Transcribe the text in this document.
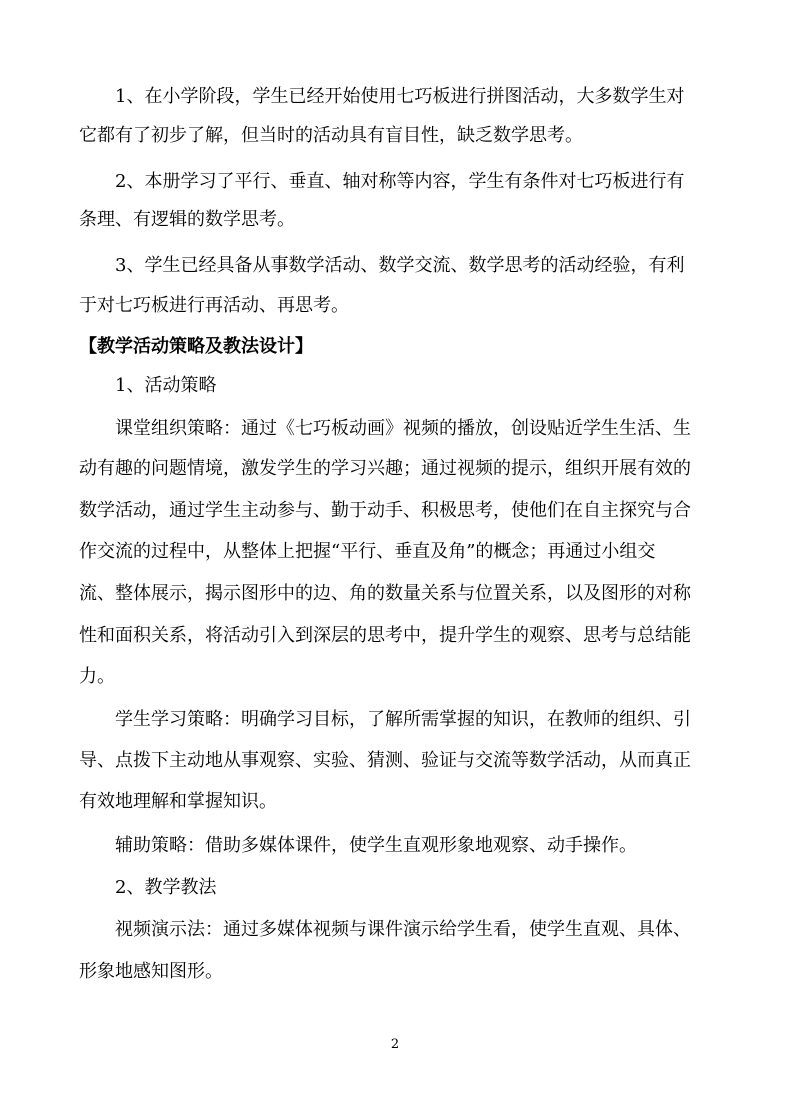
1、在小学阶段，学生已经开始使用七巧板进行拼图活动，大多数学生对
它都有了初步了解，但当时的活动具有盲目性，缺乏数学思考。
2、本册学习了平行、垂直、轴对称等内容，学生有条件对七巧板进行有
条理、有逻辑的数学思考。
3、学生已经具备从事数学活动、数学交流、数学思考的活动经验，有利
于对七巧板进行再活动、再思考。
【教学活动策略及教法设计】
1、活动策略
课堂组织策略：通过《七巧板动画》视频的播放，创设贴近学生生活、生
动有趣的问题情境，激发学生的学习兴趣；通过视频的提示，组织开展有效的
数学活动，通过学生主动参与、勤于动手、积极思考，使他们在自主探究与合
作交流的过程中，从整体上把握“平行、垂直及角”的概念；再通过小组交
流、整体展示，揭示图形中的边、角的数量关系与位置关系，以及图形的对称
性和面积关系，将活动引入到深层的思考中，提升学生的观察、思考与总结能
力。
学生学习策略：明确学习目标，了解所需掌握的知识，在教师的组织、引
导、点拨下主动地从事观察、实验、猜测、验证与交流等数学活动，从而真正
有效地理解和掌握知识。
辅助策略：借助多媒体课件，使学生直观形象地观察、动手操作。
2、教学教法
视频演示法：通过多媒体视频与课件演示给学生看，使学生直观、具体、
形象地感知图形。
2
